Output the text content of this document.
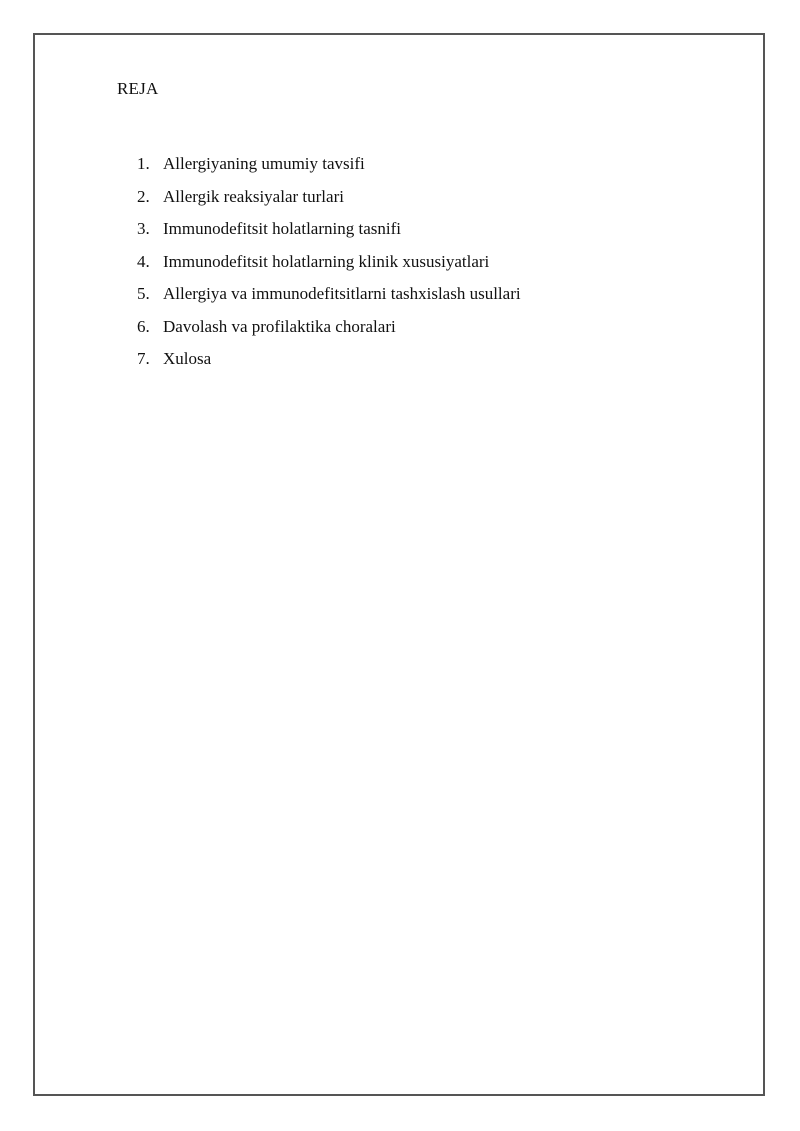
REJA
1. Allergiyaning umumiy tavsifi
2. Allergik reaksiyalar turlari
3. Immunodefitsit holatlarning tasnifi
4. Immunodefitsit holatlarning klinik xususiyatlari
5. Allergiya va immunodefitsitlarni tashxislash usullari
6. Davolash va profilaktika choralari
7. Xulosa
